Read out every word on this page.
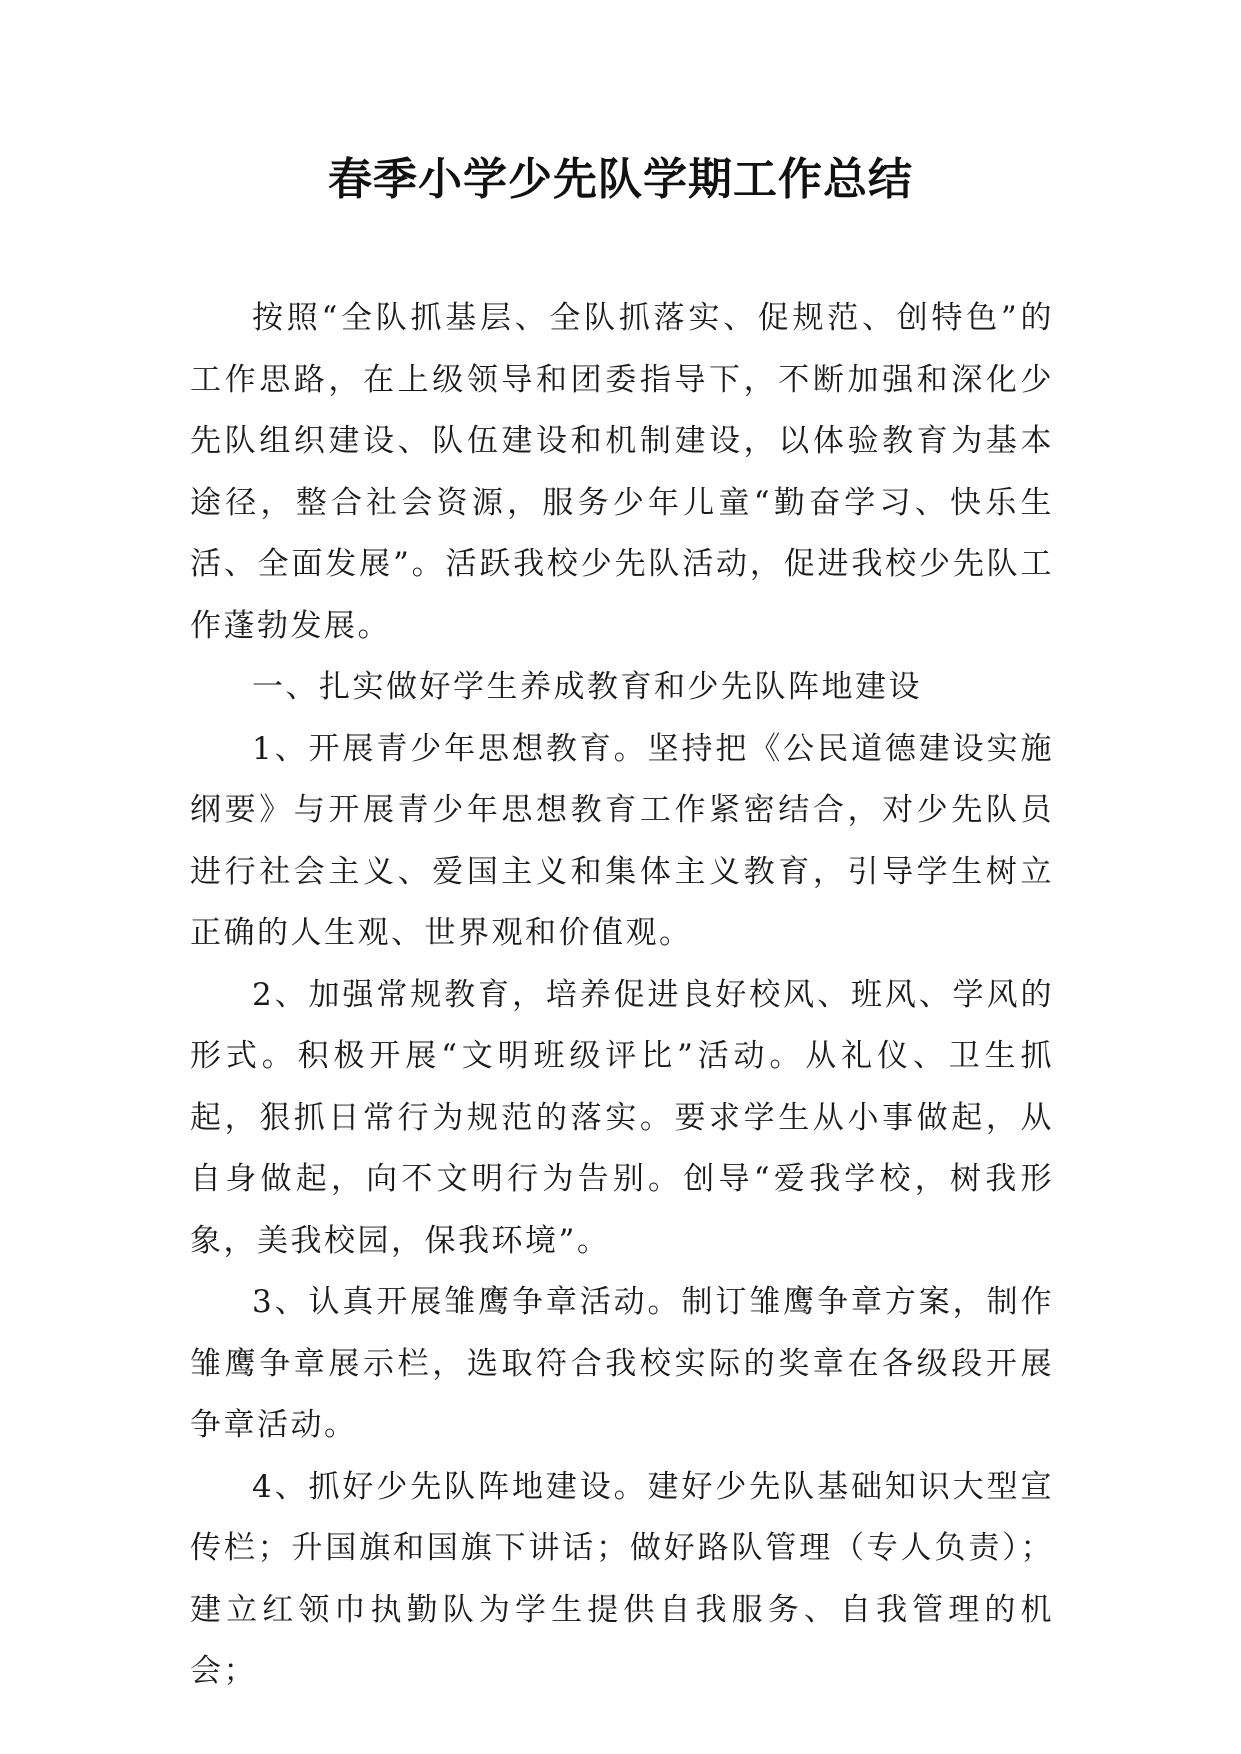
春季小学少先队学期工作总结

按照“全队抓基层、全队抓落实、促规范、创特色”的工作思路，在上级领导和团委指导下，不断加强和深化少先队组织建设、队伍建设和机制建设，以体验教育为基本途径，整合社会资源，服务少年儿童“勤奋学习、快乐生活、全面发展”。活跃我校少先队活动，促进我校少先队工作蓬勃发展。

一、扎实做好学生养成教育和少先队阵地建设

1、开展青少年思想教育。坚持把《公民道德建设实施纲要》与开展青少年思想教育工作紧密结合，对少先队员进行社会主义、爱国主义和集体主义教育，引导学生树立正确的人生观、世界观和价值观。

2、加强常规教育，培养促进良好校风、班风、学风的形式。积极开展“文明班级评比”活动。从礼仪、卫生抓起，狠抓日常行为规范的落实。要求学生从小事做起，从自身做起，向不文明行为告别。创导“爱我学校，树我形象，美我校园，保我环境”。

3、认真开展雏鹰争章活动。制订雏鹰争章方案，制作雏鹰争章展示栏，选取符合我校实际的奖章在各级段开展争章活动。

4、抓好少先队阵地建设。建好少先队基础知识大型宣传栏；升国旗和国旗下讲话；做好路队管理（专人负责）；建立红领巾执勤队为学生提供自我服务、自我管理的机会；
